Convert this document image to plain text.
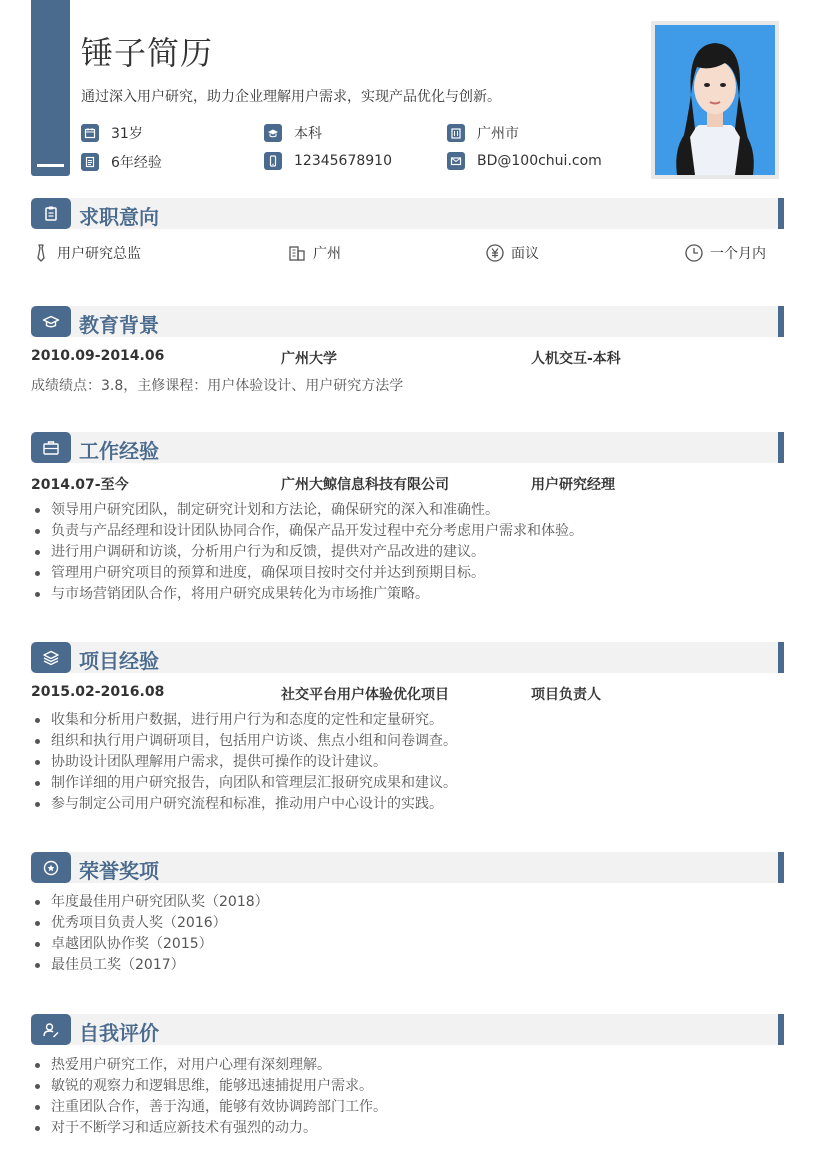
锤子简历
通过深入用户研究，助力企业理解用户需求，实现产品优化与创新。
31岁	本科	广州市
6年经验	12345678910	BD@100chui.com
求职意向
用户研究总监	广州	面议	一个月内
教育背景
2010.09-2014.06	广州大学	人机交互-本科
成绩绩点：3.8，主修课程：用户体验设计、用户研究方法学
工作经验
2014.07-至今	广州大鲸信息科技有限公司	用户研究经理
领导用户研究团队，制定研究计划和方法论，确保研究的深入和准确性。
负责与产品经理和设计团队协同合作，确保产品开发过程中充分考虑用户需求和体验。
进行用户调研和访谈，分析用户行为和反馈，提供对产品改进的建议。
管理用户研究项目的预算和进度，确保项目按时交付并达到预期目标。
与市场营销团队合作，将用户研究成果转化为市场推广策略。
项目经验
2015.02-2016.08	社交平台用户体验优化项目	项目负责人
收集和分析用户数据，进行用户行为和态度的定性和定量研究。
组织和执行用户调研项目，包括用户访谈、焦点小组和问卷调查。
协助设计团队理解用户需求，提供可操作的设计建议。
制作详细的用户研究报告，向团队和管理层汇报研究成果和建议。
参与制定公司用户研究流程和标准，推动用户中心设计的实践。
荣誉奖项
年度最佳用户研究团队奖（2018）
优秀项目负责人奖（2016）
卓越团队协作奖（2015）
最佳员工奖（2017）
自我评价
热爱用户研究工作，对用户心理有深刻理解。
敏锐的观察力和逻辑思维，能够迅速捕捉用户需求。
注重团队合作，善于沟通，能够有效协调跨部门工作。
对于不断学习和适应新技术有强烈的动力。
